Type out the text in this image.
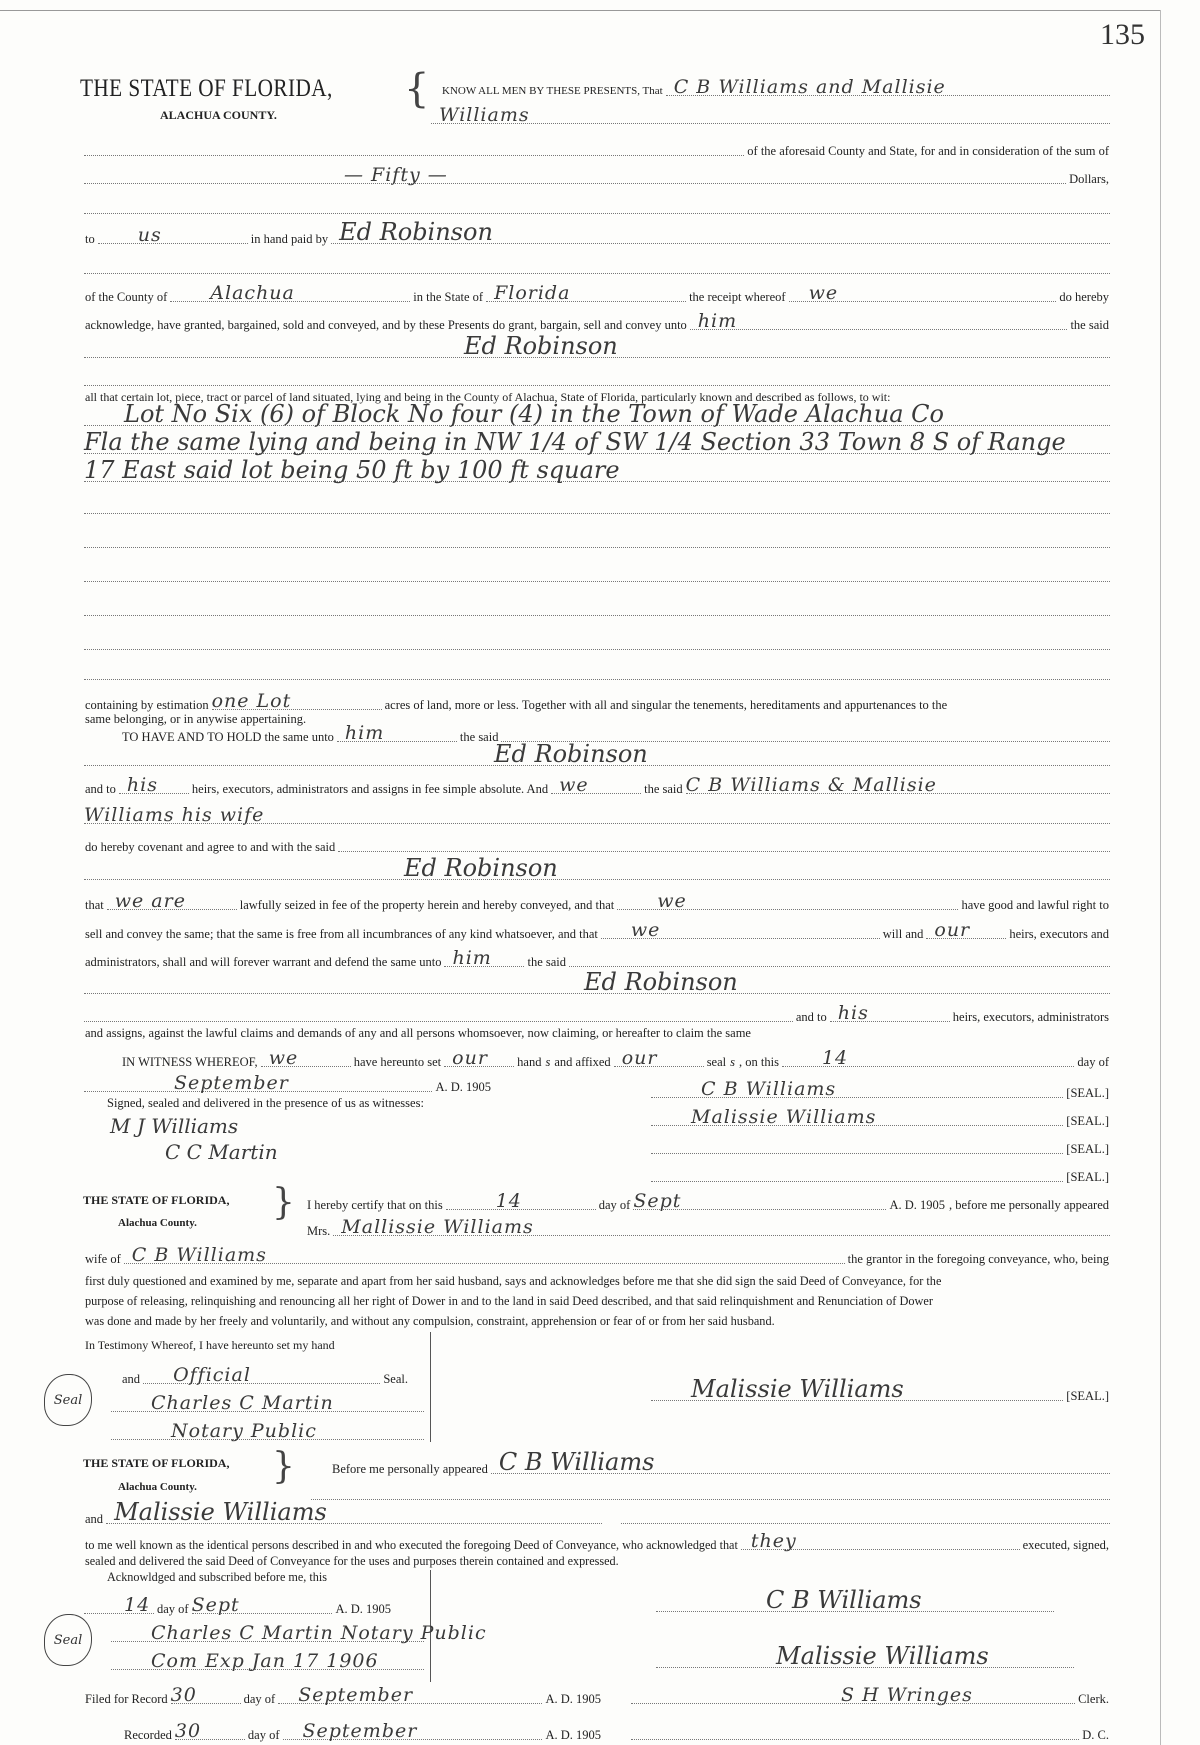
135
THE STATE OF FLORIDA,
ALACHUA COUNTY.
{ KNOW ALL MEN BY THESE PRESENTS, That C B Williams and Mallisie
Williams
of the aforesaid County and State, for and in consideration of the sum of
— Fifty —	Dollars,
to us	in hand paid by Ed Robinson
of the County of Alachua	in the State of Florida	the receipt whereof we	do hereby
acknowledge, have granted, bargained, sold and conveyed, and by these Presents do grant, bargain, sell and convey unto him	the said
Ed Robinson
all that certain lot, piece, tract or parcel of land situated, lying and being in the County of Alachua, State of Florida, particularly known and described as follows, to wit:
Lot No Six (6) of Block No four (4) in the Town of Wade Alachua Co
Fla the same lying and being in NW 1/4 of SW 1/4 Section 33 Town 8 S of Range
17 East said lot being 50 ft by 100 ft square
containing by estimation one Lot	acres of land, more or less. Together with all and singular the tenements, hereditaments and appurtenances to the
same belonging, or in anywise appertaining.
TO HAVE AND TO HOLD the same unto him	the said
Ed Robinson
and to his	heirs, executors, administrators and assigns in fee simple absolute. And we	the said C B Williams & Mallisie
Williams his wife
do hereby covenant and agree to and with the said
Ed Robinson
that we are	lawfully seized in fee of the property herein and hereby conveyed, and that we	have good and lawful right to
sell and convey the same; that the same is free from all incumbrances of any kind whatsoever, and that we	will and our	heirs, executors and
administrators, shall and will forever warrant and defend the same unto him	the said
Ed Robinson
and to his	heirs, executors, administrators
and assigns, against the lawful claims and demands of any and all persons whomsoever, now claiming, or hereafter to claim the same
IN WITNESS WHEREOF, we	have hereunto set our hand s and affixed our	seal s , on this 14	day of
September	A. D. 1905
Signed, sealed and delivered in the presence of us as witnesses:
M J Williams
C C Martin
C B Williams	[SEAL.]
Malissie Williams	[SEAL.]
[SEAL.]
[SEAL.]
THE STATE OF FLORIDA,
Alachua County. } I hereby certify that on this	14	day of Sept	A. D. 1905 , before me personally appeared
Mrs. Mallissie Williams
wife of C B Williams	the grantor in the foregoing conveyance, who, being
first duly questioned and examined by me, separate and apart from her said husband, says and acknowledges before me that she did sign the said Deed of Conveyance, for the
purpose of releasing, relinquishing and renouncing all her right of Dower in and to the land in said Deed described, and that said relinquishment and Renunciation of Dower
was done and made by her freely and voluntarily, and without any compulsion, constraint, apprehension or fear of or from her said husband.
In Testimony Whereof, I have hereunto set my hand
and Official	Seal.
Charles C Martin
Notary Public
Seal	Malissie Williams	[SEAL.]
THE STATE OF FLORIDA,
Alachua County. }	Before me personally appeared C B Williams
and Malissie Williams
to me well known as the identical persons described in and who executed the foregoing Deed of Conveyance, who acknowledged that they	executed, signed,
sealed and delivered the said Deed of Conveyance for the uses and purposes therein contained and expressed.
Acknowldged and subscribed before me, this
14 day of Sept	A. D. 1905
Charles C Martin Notary Public
Com Exp Jan 17 1906
Seal
C B Williams
Malissie Williams
Filed for Record 30	day of September	A. D. 1905
Recorded 30	day of September	A. D. 1905
S H Wringes	Clerk.
D. C.
